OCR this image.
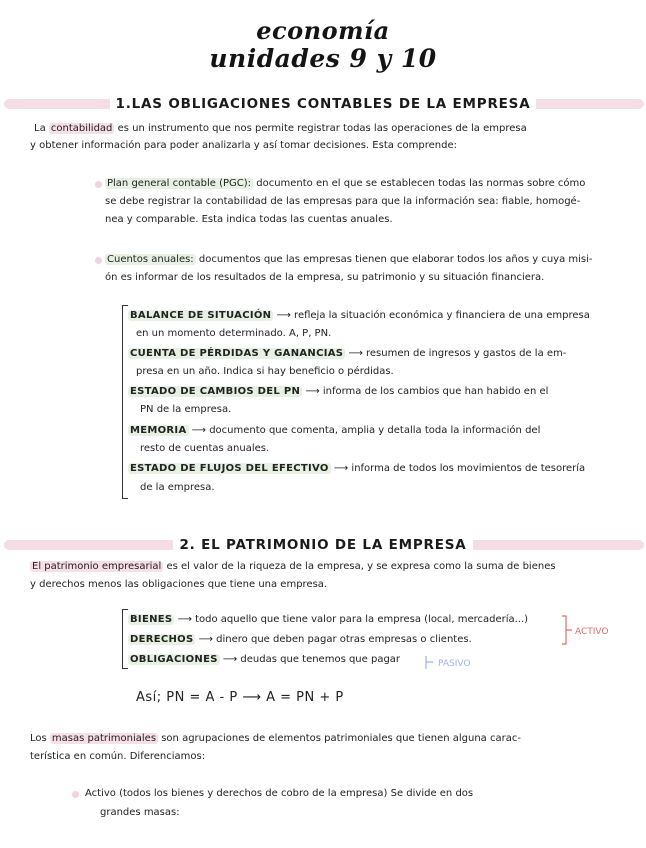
economía
unidades 9 y 10
1.LAS OBLIGACIONES CONTABLES DE LA EMPRESA
La contabilidad es un instrumento que nos permite registrar todas las operaciones de la empresa
y obtener información para poder analizarla y así tomar decisiones. Esta comprende:
Plan general contable (PGC): documento en el que se establecen todas las normas sobre cómo
se debe registrar la contabilidad de las empresas para que la información sea: fiable, homogé-
nea y comparable. Esta indica todas las cuentas anuales.
Cuentos anuales: documentos que las empresas tienen que elaborar todos los años y cuya misi-
ón es informar de los resultados de la empresa, su patrimonio y su situación financiera.
BALANCE DE SITUACIÓN ⟶ refleja la situación económica y financiera de una empresa
en un momento determinado. A, P, PN.
CUENTA DE PÉRDIDAS Y GANANCIAS ⟶ resumen de ingresos y gastos de la em-
presa en un año. Indica si hay beneficio o pérdidas.
ESTADO DE CAMBIOS DEL PN ⟶ informa de los cambios que han habido en el
PN de la empresa.
MEMORIA ⟶ documento que comenta, amplia y detalla toda la información del
resto de cuentas anuales.
ESTADO DE FLUJOS DEL EFECTIVO ⟶ informa de todos los movimientos de tesorería
de la empresa.
2. EL PATRIMONIO DE LA EMPRESA
El patrimonio empresarial es el valor de la riqueza de la empresa, y se expresa como la suma de bienes
y derechos menos las obligaciones que tiene una empresa.
BIENES ⟶ todo aquello que tiene valor para la empresa (local, mercadería...)
DERECHOS ⟶ dinero que deben pagar otras empresas o clientes.
OBLIGACIONES ⟶ deudas que tenemos que pagar
ACTIVO
PASIVO
Así; PN = A - P ⟶ A = PN + P
Los masas patrimoniales son agrupaciones de elementos patrimoniales que tienen alguna carac-
terística en común. Diferenciamos:
Activo (todos los bienes y derechos de cobro de la empresa) Se divide en dos
grandes masas:
